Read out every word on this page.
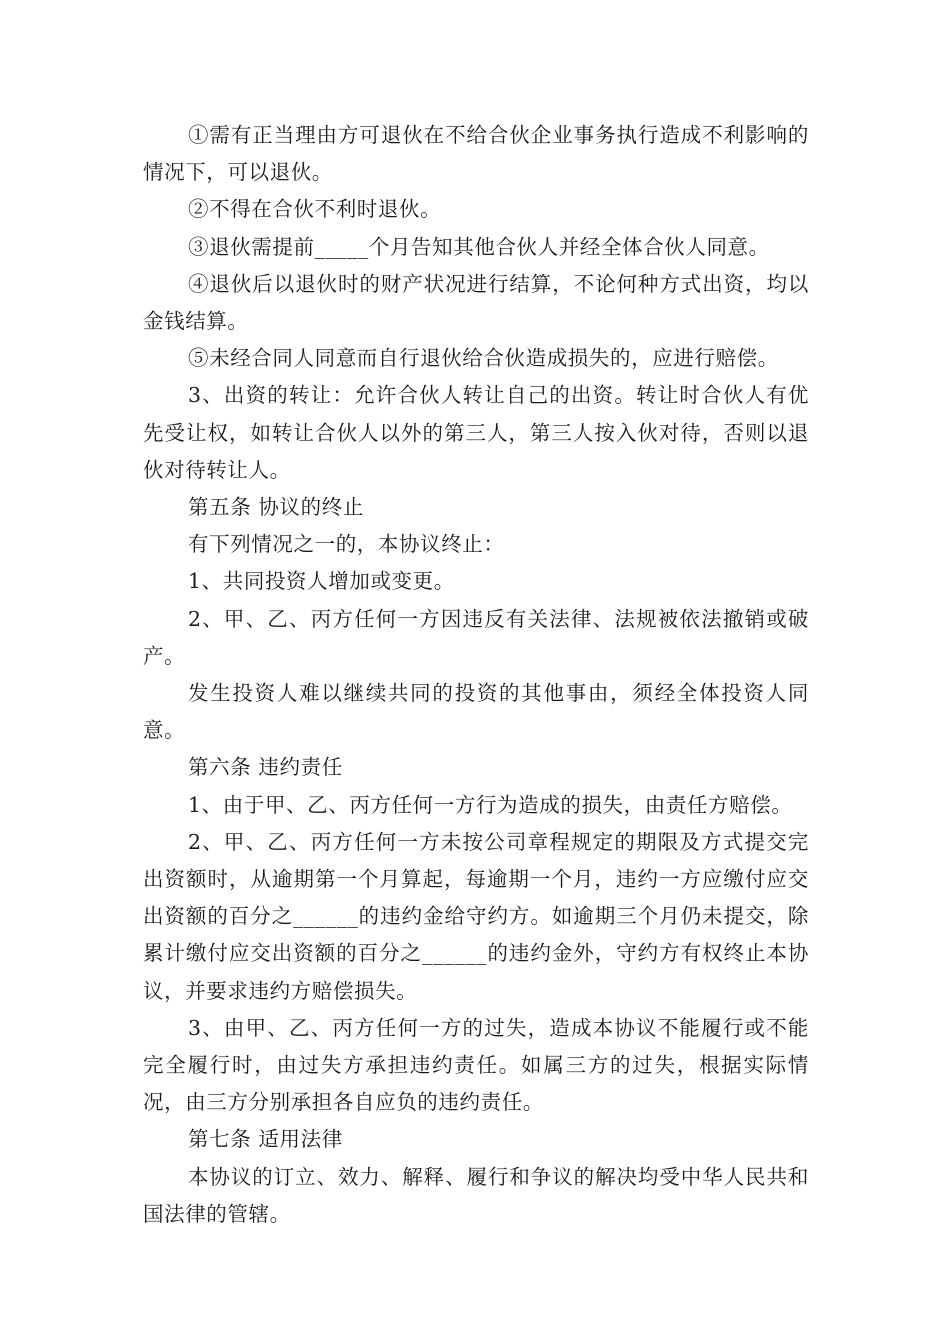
①需有正当理由方可退伙在不给合伙企业事务执行造成不利影响的情况下，可以退伙。

②不得在合伙不利时退伙。

③退伙需提前_____个月告知其他合伙人并经全体合伙人同意。

④退伙后以退伙时的财产状况进行结算，不论何种方式出资，均以金钱结算。

⑤未经合同人同意而自行退伙给合伙造成损失的，应进行赔偿。

3、出资的转让：允许合伙人转让自己的出资。转让时合伙人有优先受让权，如转让合伙人以外的第三人，第三人按入伙对待，否则以退伙对待转让人。

第五条 协议的终止

有下列情况之一的，本协议终止：

1、共同投资人增加或变更。

2、甲、乙、丙方任何一方因违反有关法律、法规被依法撤销或破产。

发生投资人难以继续共同的投资的其他事由，须经全体投资人同意。

第六条 违约责任

1、由于甲、乙、丙方任何一方行为造成的损失，由责任方赔偿。

2、甲、乙、丙方任何一方未按公司章程规定的期限及方式提交完出资额时，从逾期第一个月算起，每逾期一个月，违约一方应缴付应交出资额的百分之______的违约金给守约方。如逾期三个月仍未提交，除累计缴付应交出资额的百分之______的违约金外，守约方有权终止本协议，并要求违约方赔偿损失。

3、由甲、乙、丙方任何一方的过失，造成本协议不能履行或不能完全履行时，由过失方承担违约责任。如属三方的过失，根据实际情况，由三方分别承担各自应负的违约责任。

第七条 适用法律

本协议的订立、效力、解释、履行和争议的解决均受中华人民共和国法律的管辖。
